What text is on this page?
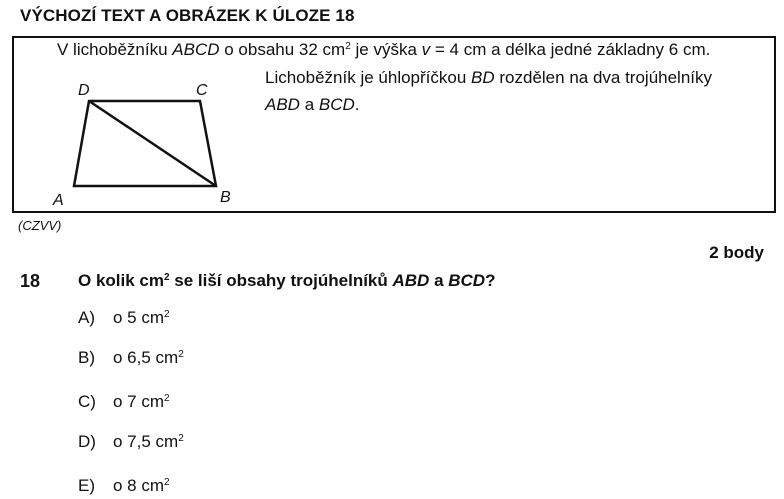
VÝCHOZÍ TEXT A OBRÁZEK K ÚLOZE 18
V lichoběžníku ABCD o obsahu 32 $cm^2$ je výška v = 4 cm a délka jedné základny 6 cm.
Lichoběžník je úhlopříčkou BD rozdělen na dva trojúhelníky
ABD a BCD.
D	C
A	B
(CZVV)
2 body
18 O kolik $cm^2$ se liší obsahy trojúhelníků ABD a BCD?
A) o 5 $cm^2$
B) o 6,5 $cm^2$
C) o 7 $cm^2$
D) o 7,5 $cm^2$
E) o 8 $cm^2$
